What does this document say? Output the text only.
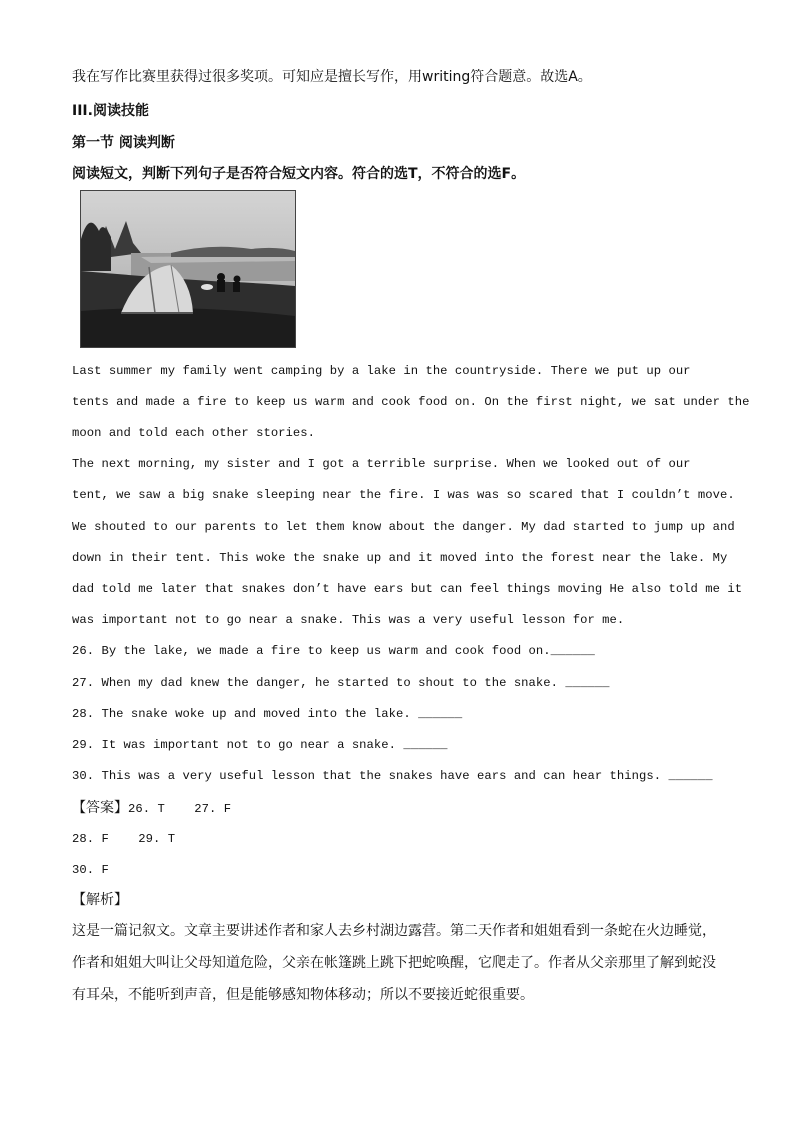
我在写作比赛里获得过很多奖项。可知应是擅长写作，用writing符合题意。故选A。
III.阅读技能
第一节 阅读判断
阅读短文，判断下列句子是否符合短文内容。符合的选T，不符合的选F。
Last summer my family went camping by a lake in the countryside. There we put up our
tents and made a fire to keep us warm and cook food on. On the first night, we sat under the
moon and told each other stories.
The next morning, my sister and I got a terrible surprise. When we looked out of our
tent, we saw a big snake sleeping near the fire. I was was so scared that I couldn’t move.
We shouted to our parents to let them know about the danger. My dad started to jump up and
down in their tent. This woke the snake up and it moved into the forest near the lake. My
dad told me later that snakes don’t have ears but can feel things moving He also told me it
was important not to go near a snake. This was a very useful lesson for me.
26. By the lake, we made a fire to keep us warm and cook food on.______
27. When my dad knew the danger, he started to shout to the snake. ______
28. The snake woke up and moved into the lake. ______
29. It was important not to go near a snake. ______
30. This was a very useful lesson that the snakes have ears and can hear things. ______
【答案】26. T    27. F
28. F    29. T
30. F
【解析】
这是一篇记叙文。文章主要讲述作者和家人去乡村湖边露营。第二天作者和姐姐看到一条蛇在火边睡觉，
作者和姐姐大叫让父母知道危险，父亲在帐篷跳上跳下把蛇唤醒，它爬走了。作者从父亲那里了解到蛇没
有耳朵，不能听到声音，但是能够感知物体移动；所以不要接近蛇很重要。
